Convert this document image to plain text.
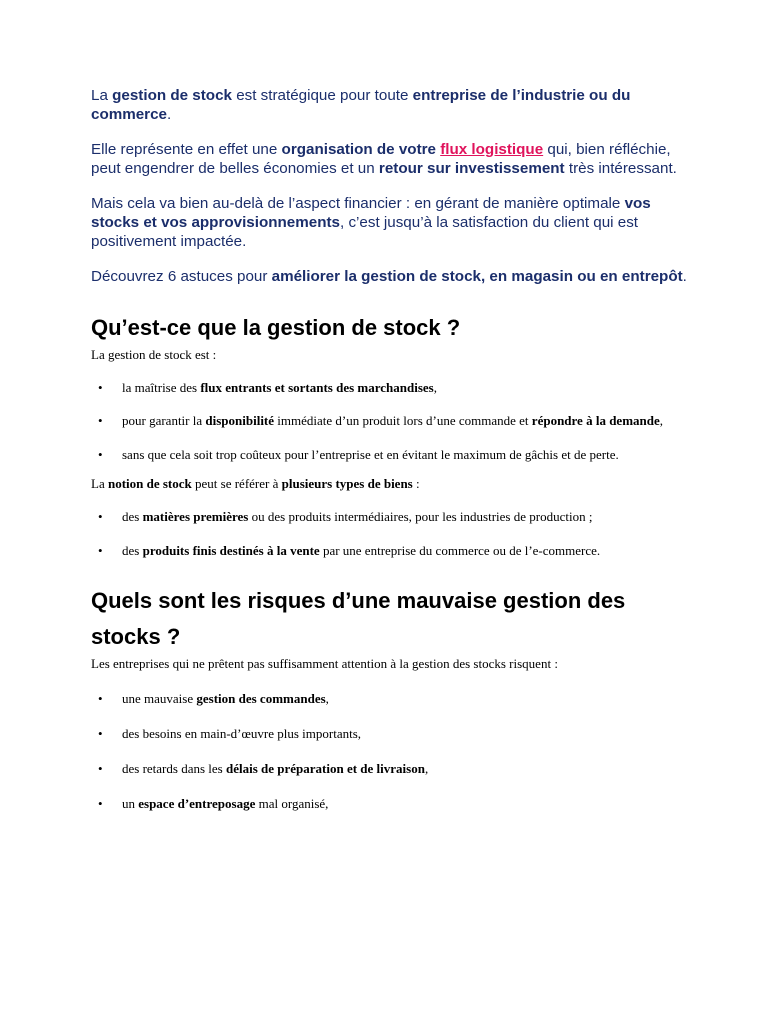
La gestion de stock est stratégique pour toute entreprise de l’industrie ou du commerce.

Elle représente en effet une organisation de votre flux logistique qui, bien réfléchie, peut engendrer de belles économies et un retour sur investissement très intéressant.

Mais cela va bien au-delà de l’aspect financier : en gérant de manière optimale vos stocks et vos approvisionnements, c’est jusqu’à la satisfaction du client qui est positivement impactée.

Découvrez 6 astuces pour améliorer la gestion de stock, en magasin ou en entrepôt.

Qu’est-ce que la gestion de stock ?

La gestion de stock est :

• la maîtrise des flux entrants et sortants des marchandises,
• pour garantir la disponibilité immédiate d’un produit lors d’une commande et répondre à la demande,
• sans que cela soit trop coûteux pour l’entreprise et en évitant le maximum de gâchis et de perte.

La notion de stock peut se référer à plusieurs types de biens :

• des matières premières ou des produits intermédiaires, pour les industries de production ;
• des produits finis destinés à la vente par une entreprise du commerce ou de l’e-commerce.
Quels sont les risques d’une mauvaise gestion des stocks ?

Les entreprises qui ne prêtent pas suffisamment attention à la gestion des stocks risquent :

• une mauvaise gestion des commandes,
• des besoins en main-d’œuvre plus importants,
• des retards dans les délais de préparation et de livraison,
• un espace d’entreposage mal organisé,
